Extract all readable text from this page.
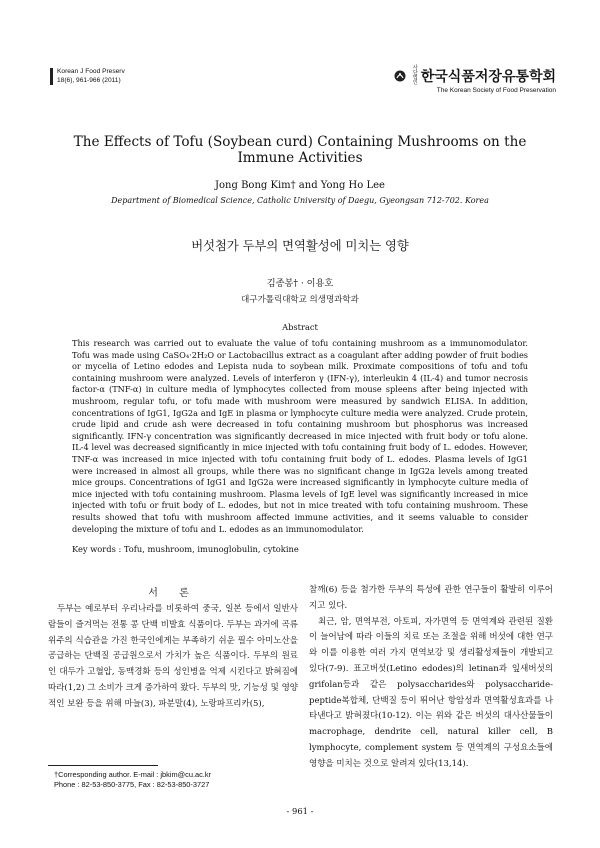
Korean J Food Preserv
18(6), 961-966 (2011)
사단법인 한국식품저장유통학회
The Korean Society of Food Preservation
The Effects of Tofu (Soybean curd) Containing Mushrooms on the
Immune Activities
Jong Bong Kim† and Yong Ho Lee
Department of Biomedical Science, Catholic University of Daegu, Gyeongsan 712-702. Korea
버섯첨가 두부의 면역활성에 미치는 영향
김종봉† · 이용호
대구가톨릭대학교 의생명과학과
Abstract

This research was carried out to evaluate the value of tofu containing mushroom as a immunomodulator. Tofu was made using CaSO₄·2H₂O or Lactobacillus extract as a coagulant after adding powder of fruit bodies or mycelia of Letino edodes and Lepista nuda to soybean milk. Proximate compositions of tofu and tofu containing mushroom were analyzed. Levels of interferon γ (IFN-γ), interleukin 4 (IL-4) and tumor necrosis factor-α (TNF-α) in culture media of lymphocytes collected from mouse spleens after being injected with mushroom, regular tofu, or tofu made with mushroom were measured by sandwich ELISA. In addition, concentrations of IgG1, IgG2a and IgE in plasma or lymphocyte culture media were analyzed. Crude protein, crude lipid and crude ash were decreased in tofu containing mushroom but phosphorus was increased significantly. IFN-γ concentration was significantly decreased in mice injected with fruit body or tofu alone. IL-4 level was decreased significantly in mice injected with tofu containing fruit body of L. edodes. However, TNF-α was increased in mice injected with tofu containing fruit body of L. edodes. Plasma levels of IgG1 were increased in almost all groups, while there was no significant change in IgG2a levels among treated mice groups. Concentrations of IgG1 and IgG2a were increased significantly in lymphocyte culture media of mice injected with tofu containing mushroom. Plasma levels of IgE level was significantly increased in mice injected with tofu or fruit body of L. edodes, but not in mice treated with tofu containing mushroom. These results showed that tofu with mushroom affected immune activities, and it seems valuable to consider developing the mixture of tofu and L. edodes as an immunomodulator.

Key words : Tofu, mushroom, imunoglobulin, cytokine
서 론

두부는 예로부터 우리나라를 비롯하여 중국, 일본 등에서 일반사람들이 즐겨먹는 전통 콩 단백 비발효 식품이다. 두부는 과거에 곡류 위주의 식습관을 가진 한국인에게는 부족하기 쉬운 필수 아미노산을 공급하는 단백질 공급원으로서 가치가 높은 식품이다. 두부의 원료인 대두가 고혈압, 동맥경화 등의 성인병을 억제 시킨다고 밝혀짐에 따라(1,2) 그 소비가 크게 증가하여 왔다. 두부의 맛, 기능성 및 영양적인 보완 등을 위해 마늘(3), 파분말(4), 노랑파프리카(5),

참깨(6) 등을 첨가한 두부의 특성에 관한 연구들이 활발히 이루어지고 있다.

최근, 암, 면역부전, 아토피, 자가면역 등 면역계와 관련된 질환이 늘어남에 따라 이들의 치료 또는 조절을 위해 버섯에 대한 연구와 이를 이용한 여러 가지 면역보강 및 생리활성제들이 개발되고 있다(7-9). 표고버섯(Letino edodes)의 letinan과 잎새버섯의 grifolan등과 같은 polysaccharides와 polysaccharide-peptide복합체, 단백질 등이 뛰어난 항암성과 면역활성효과를 나타낸다고 밝혀졌다(10-12). 이는 위와 같은 버섯의 대사산물들이 macrophage, dendrite cell, natural killer cell, B lymphocyte, complement system 등 면역계의 구성요소들에 영향을 미치는 것으로 알려져 있다(13,14).

†Corresponding author. E-mail : jbkim@cu.ac.kr
Phone : 82-53-850-3775, Fax : 82-53-850-3727
- 961 -
